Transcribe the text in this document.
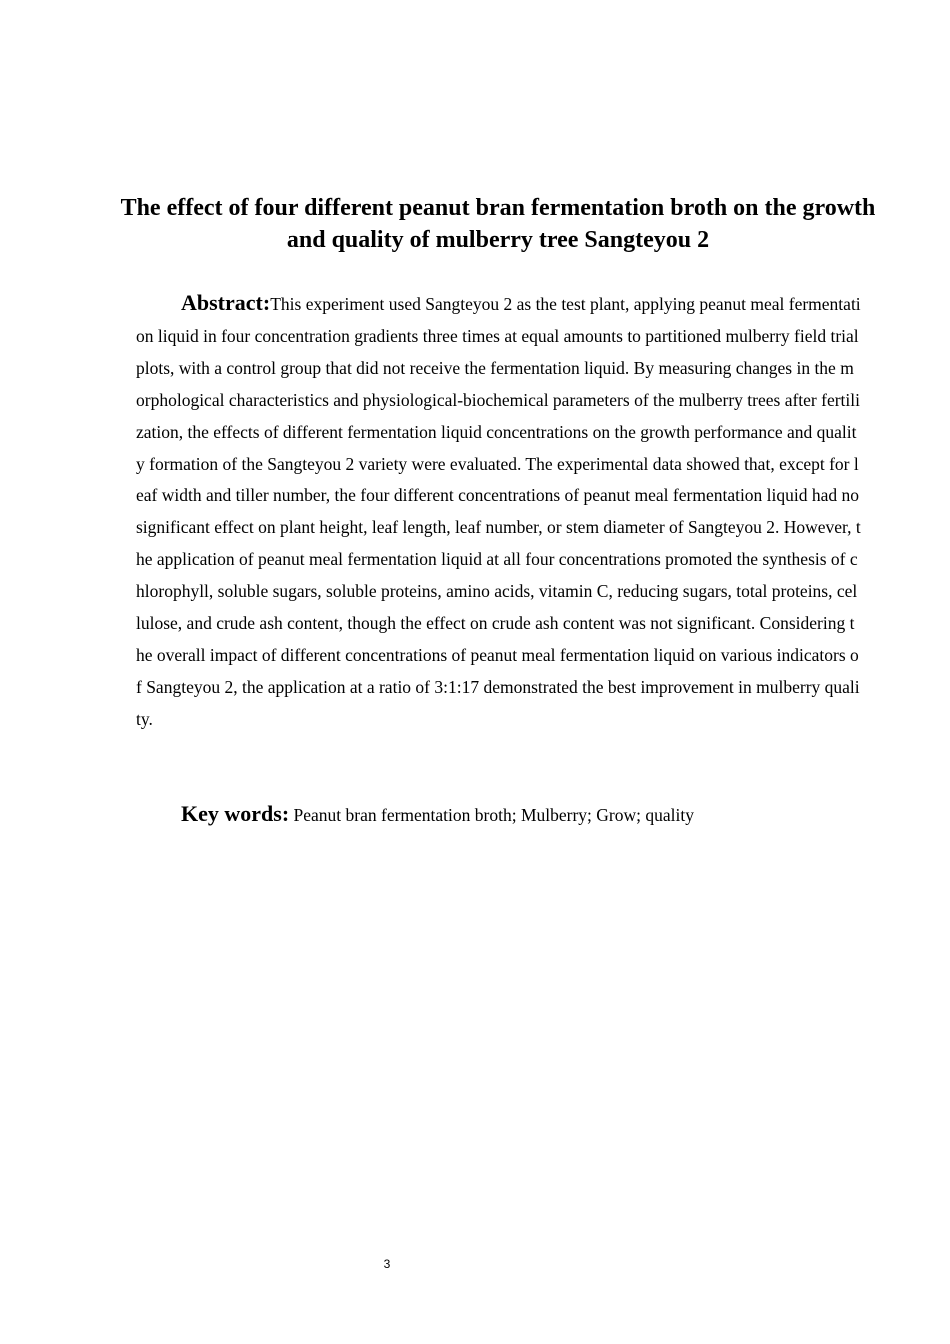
The effect of four different peanut bran fermentation broth on the growth and quality of mulberry tree Sangteyou 2

Abstract:This experiment used Sangteyou 2 as the test plant, applying peanut meal fermentation liquid in four concentration gradients three times at equal amounts to partitioned mulberry field trial plots, with a control group that did not receive the fermentation liquid. By measuring changes in the morphological characteristics and physiological-biochemical parameters of the mulberry trees after fertilization, the effects of different fermentation liquid concentrations on the growth performance and quality formation of the Sangteyou 2 variety were evaluated. The experimental data showed that, except for leaf width and tiller number, the four different concentrations of peanut meal fermentation liquid had no significant effect on plant height, leaf length, leaf number, or stem diameter of Sangteyou 2. However, the application of peanut meal fermentation liquid at all four concentrations promoted the synthesis of chlorophyll, soluble sugars, soluble proteins, amino acids, vitamin C, reducing sugars, total proteins, cellulose, and crude ash content, though the effect on crude ash content was not significant. Considering the overall impact of different concentrations of peanut meal fermentation liquid on various indicators of Sangteyou 2, the application at a ratio of 3:1:17 demonstrated the best improvement in mulberry quality.

Key words: Peanut bran fermentation broth; Mulberry; Grow; quality

3
